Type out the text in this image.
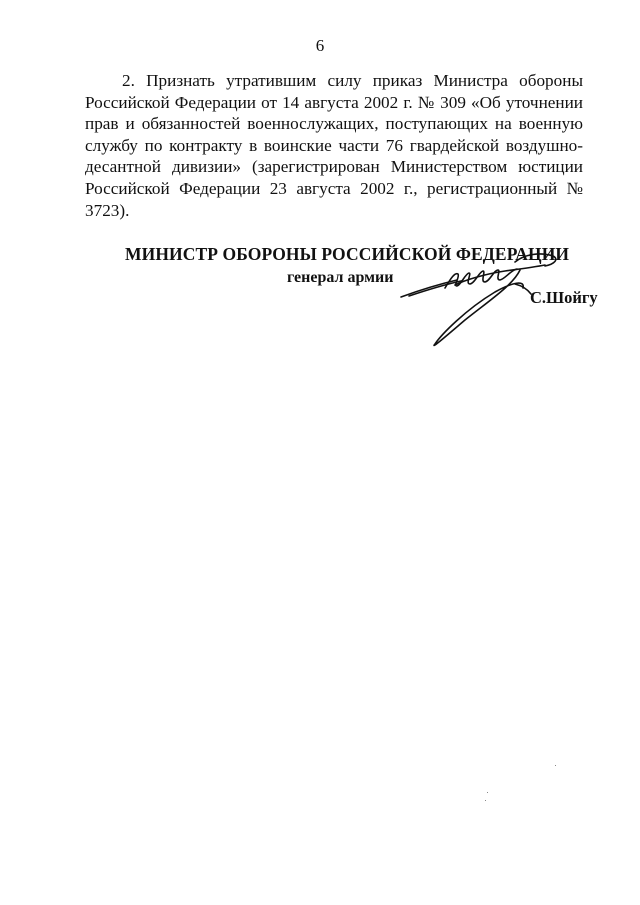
6

2. Признать утратившим силу приказ Министра обороны Российской Федерации от 14 августа 2002 г. № 309 «Об уточнении прав и обязанностей военнослужащих, поступающих на военную службу по контракту в воинские части 76 гвардейской воздушно-десантной дивизии» (зарегистрирован Министерством юстиции Российской Федерации 23 августа 2002 г., регистрационный № 3723).

МИНИСТР ОБОРОНЫ РОССИЙСКОЙ ФЕДЕРАЦИИ
генерал армии
С.Шойгу
